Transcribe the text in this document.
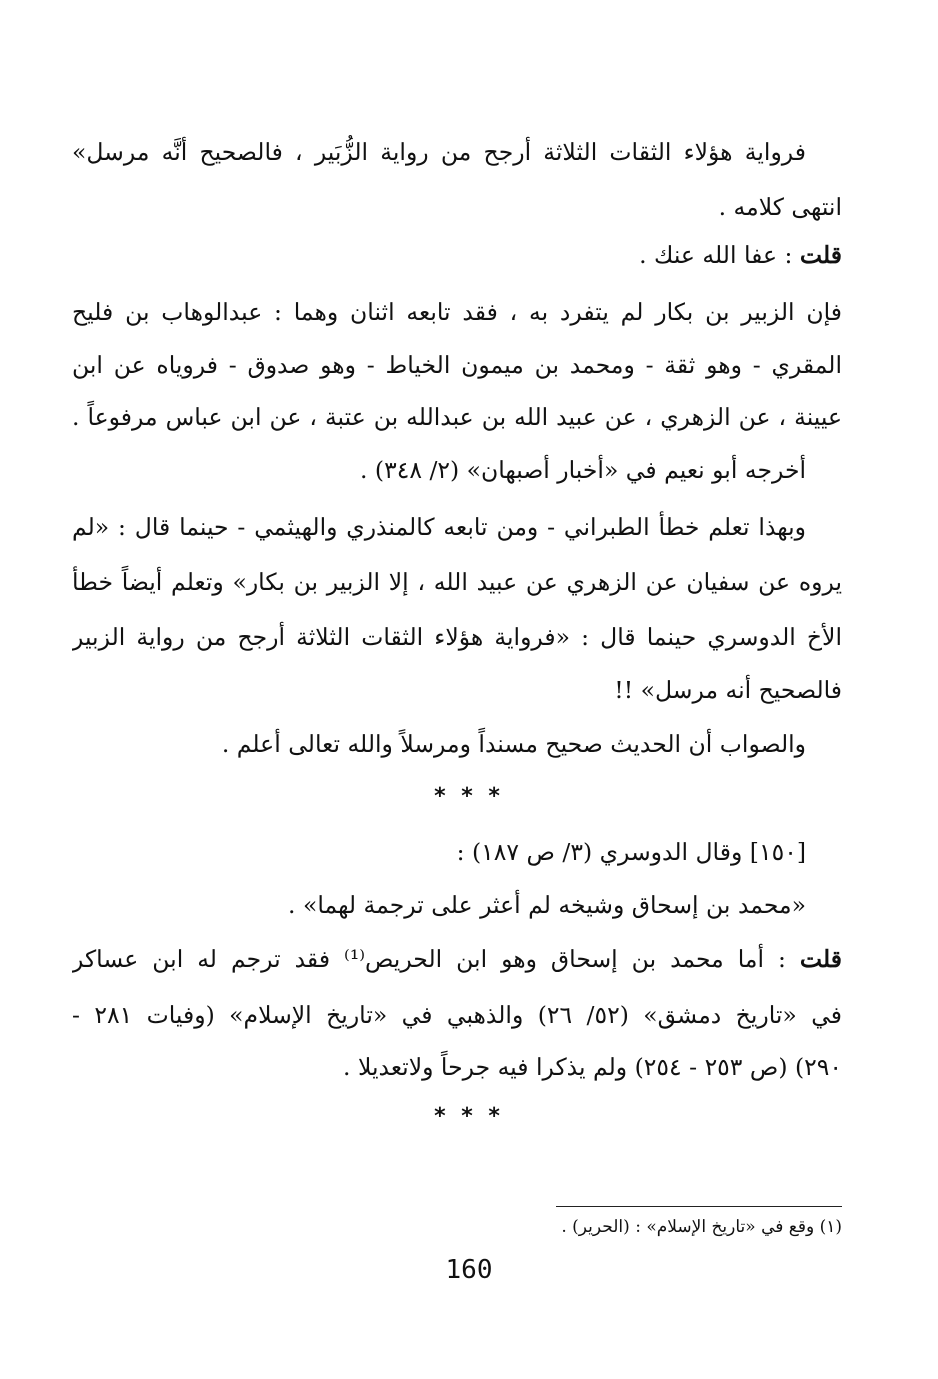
فرواية هؤلاء الثقات الثلاثة أرجح من رواية الزُّبَير ، فالصحيح أنَّه مرسل»
انتهى كلامه .
قلت : عفا الله عنك .
فإن الزبير بن بكار لم يتفرد به ، فقد تابعه اثنان وهما : عبدالوهاب بن فليح
المقري - وهو ثقة - ومحمد بن ميمون الخياط - وهو صدوق - فروياه عن ابن
عيينة ، عن الزهري ، عن عبيد الله بن عبدالله بن عتبة ، عن ابن عباس مرفوعاً .
أخرجه أبو نعيم في «أخبار أصبهان» (٢/ ٣٤٨) .
وبهذا تعلم خطأ الطبراني - ومن تابعه كالمنذري والهيثمي - حينما قال : «لم
يروه عن سفيان عن الزهري عن عبيد الله ، إلا الزبير بن بكار» وتعلم أيضاً خطأ
الأخ الدوسري حينما قال : «فرواية هؤلاء الثقات الثلاثة أرجح من رواية الزبير
فالصحيح أنه مرسل» !!
والصواب أن الحديث صحيح مسنداً ومرسلاً والله تعالى أعلم .
* * *
[١٥٠] وقال الدوسري (٣/ ص ١٨٧) :
«محمد بن إسحاق وشيخه لم أعثر على ترجمة لهما» .
قلت : أما محمد بن إسحاق وهو ابن الحريص⁽¹⁾ فقد ترجم له ابن عساكر
في «تاريخ دمشق» (٥٢/ ٢٦) والذهبي في «تاريخ الإسلام» (وفيات ٢٨١ -
٢٩٠) (ص ٢٥٣ - ٢٥٤) ولم يذكرا فيه جرحاً ولاتعديلا .
* * *
(١) وقع في «تاريخ الإسلام» : (الحرير) .
160
